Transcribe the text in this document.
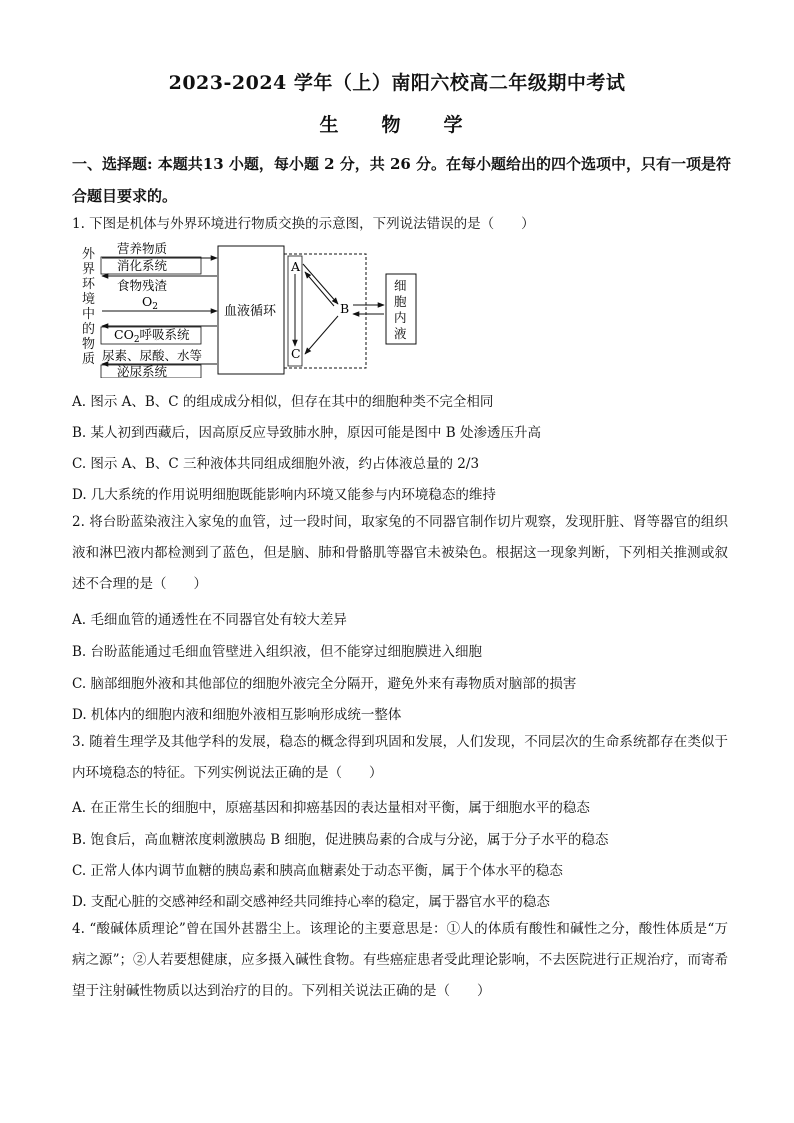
2023-2024 学年（上）南阳六校高二年级期中考试
生　物　学
一、选择题: 本题共13 小题，每小题 2 分，共 26 分。在每小题给出的四个选项中，只有一项是符合题目要求的。
1. 下图是机体与外界环境进行物质交换的示意图，下列说法错误的是（　　）
外
界
环
境
中
的
物
质
营养物质
消化系统
食物残渣
$O_2$
$CO_2$呼吸系统
尿素、尿酸、水等
泌尿系统
血液循环
A
C
B
细
胞
内
液
A. 图示 A、B、C 的组成成分相似，但存在其中的细胞种类不完全相同
B. 某人初到西藏后，因高原反应导致肺水肿，原因可能是图中 B 处渗透压升高
C. 图示 A、B、C 三种液体共同组成细胞外液，约占体液总量的 2/3
D. 几大系统的作用说明细胞既能影响内环境又能参与内环境稳态的维持
2. 将台盼蓝染液注入家兔的血管，过一段时间，取家兔的不同器官制作切片观察，发现肝脏、肾等器官的组织液和淋巴液内都检测到了蓝色，但是脑、肺和骨骼肌等器官未被染色。根据这一现象判断，下列相关推测或叙述不合理的是（　　）
A. 毛细血管的通透性在不同器官处有较大差异
B. 台盼蓝能通过毛细血管壁进入组织液，但不能穿过细胞膜进入细胞
C. 脑部细胞外液和其他部位的细胞外液完全分隔开，避免外来有毒物质对脑部的损害
D. 机体内的细胞内液和细胞外液相互影响形成统一整体
3. 随着生理学及其他学科的发展，稳态的概念得到巩固和发展，人们发现，不同层次的生命系统都存在类似于内环境稳态的特征。下列实例说法正确的是（　　）
A. 在正常生长的细胞中，原癌基因和抑癌基因的表达量相对平衡，属于细胞水平的稳态
B. 饱食后，高血糖浓度刺激胰岛 B 细胞，促进胰岛素的合成与分泌，属于分子水平的稳态
C. 正常人体内调节血糖的胰岛素和胰高血糖素处于动态平衡，属于个体水平的稳态
D. 支配心脏的交感神经和副交感神经共同维持心率的稳定，属于器官水平的稳态
4. “酸碱体质理论”曾在国外甚嚣尘上。该理论的主要意思是：①人的体质有酸性和碱性之分，酸性体质是“万病之源”；②人若要想健康，应多摄入碱性食物。有些癌症患者受此理论影响，不去医院进行正规治疗，而寄希望于注射碱性物质以达到治疗的目的。下列相关说法正确的是（　　）
